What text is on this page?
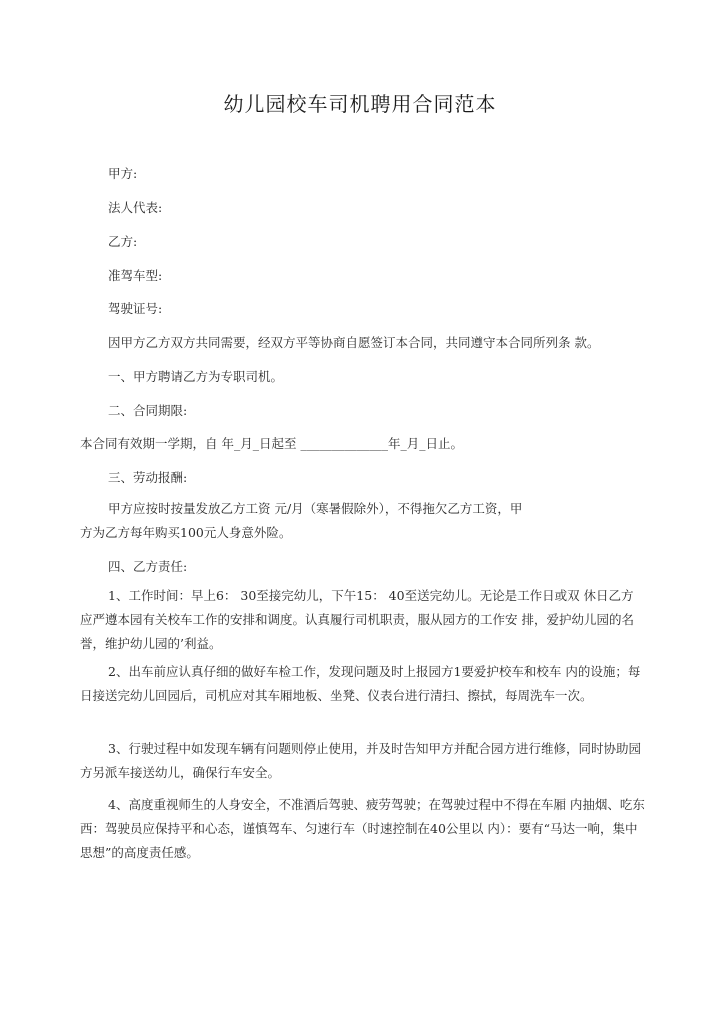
幼儿园校车司机聘用合同范本
甲方:
法人代表:
乙方:
准驾车型:
驾驶证号:
因甲方乙方双方共同需要，经双方平等协商自愿签订本合同，共同遵守本合同所列条 款。
一、甲方聘请乙方为专职司机。
二、合同期限:
本合同有效期一学期，自 年_月_日起至 ______________年_月_日止。
三、劳动报酬:
甲方应按时按量发放乙方工资 元/月（寒暑假除外），不得拖欠乙方工资，甲
方为乙方每年购买100元人身意外险。
四、乙方责任:
1、工作时间：早上6： 30至接完幼儿，下午15： 40至送完幼儿。无论是工作日或双 休日乙方应严遵本园有关校车工作的安排和调度。认真履行司机职责，服从园方的工作安 排，爱护幼儿园的名誉，维护幼儿园的’利益。
2、出车前应认真仔细的做好车检工作，发现问题及时上报园方1要爱护校车和校车 内的设施；每日接送完幼儿回园后，司机应对其车厢地板、坐凳、仪表台进行清扫、擦拭，每周洗车一次。
3、行驶过程中如发现车辆有问题则停止使用，并及时告知甲方并配合园方进行维修，同时协助园方另派车接送幼儿，确保行车安全。
4、高度重视师生的人身安全，不准酒后驾驶、疲劳驾驶；在驾驶过程中不得在车厢 内抽烟、吃东西：驾驶员应保持平和心态，谨慎驾车、匀速行车（时速控制在40公里以 内）：要有“马达一响，集中思想”的高度责任感。
